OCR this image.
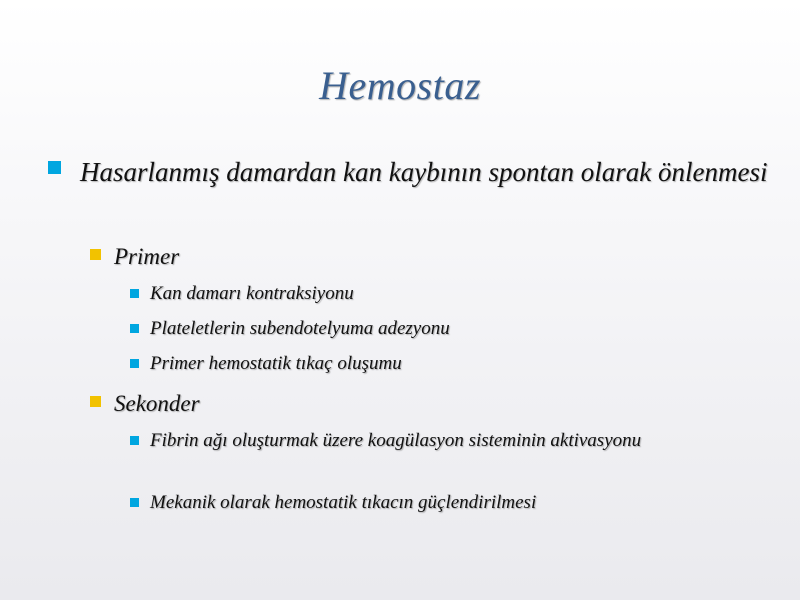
Hemostaz
Hasarlanmış damardan kan kaybının spontan olarak önlenmesi
Primer
Kan damarı kontraksiyonu
Plateletlerin subendotelyuma adezyonu
Primer hemostatik tıkaç oluşumu
Sekonder
Fibrin ağı oluşturmak üzere koagülasyon sisteminin aktivasyonu
Mekanik olarak hemostatik tıkacın güçlendirilmesi
